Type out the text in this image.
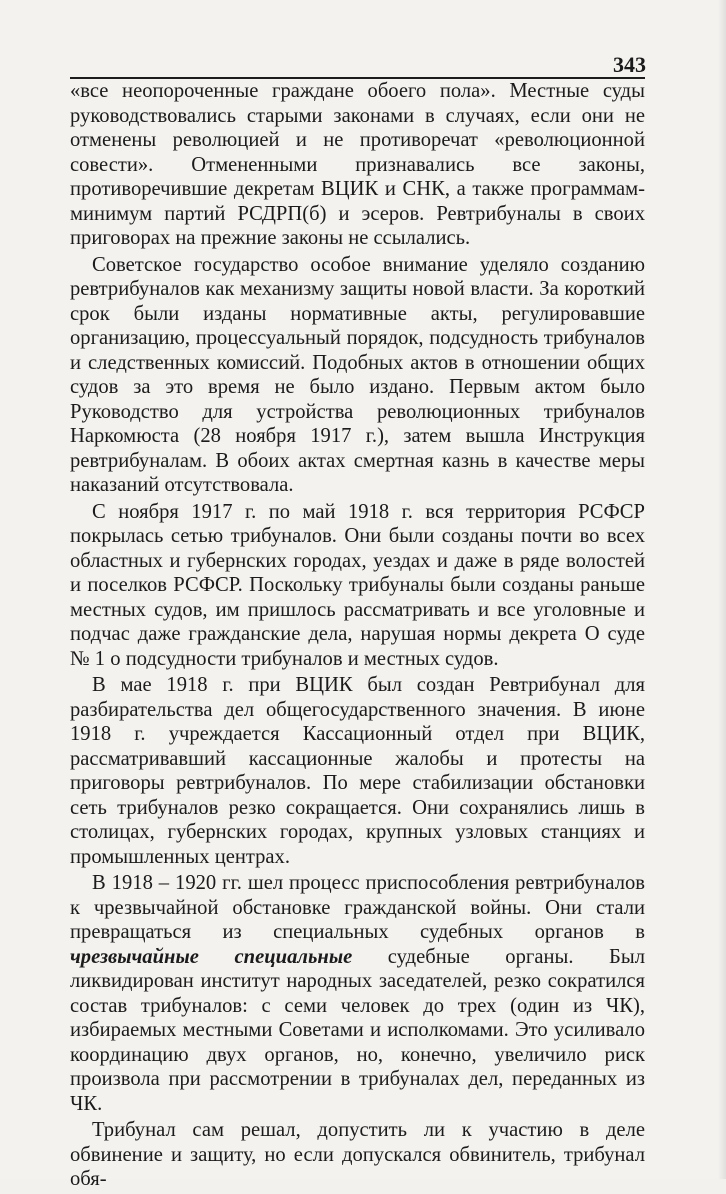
343

«все неопороченные граждане обоего пола». Местные суды руководствовались старыми законами в случаях, если они не отменены революцией и не противоречат «революционной совести». Отмененными признавались все законы, противоречившие декретам ВЦИК и СНК, а также программам-минимум партий РСДРП(б) и эсеров. Ревтрибуналы в своих приговорах на прежние законы не ссылались.

Советское государство особое внимание уделяло созданию ревтрибуналов как механизму защиты новой власти. За короткий срок были изданы нормативные акты, регулировавшие организацию, процессуальный порядок, подсудность трибуналов и следственных комиссий. Подобных актов в отношении общих судов за это время не было издано. Первым актом было Руководство для устройства революционных трибуналов Наркомюста (28 ноября 1917 г.), затем вышла Инструкция ревтрибуналам. В обоих актах смертная казнь в качестве меры наказаний отсутствовала.

С ноября 1917 г. по май 1918 г. вся территория РСФСР покрылась сетью трибуналов. Они были созданы почти во всех областных и губернских городах, уездах и даже в ряде волостей и поселков РСФСР. Поскольку трибуналы были созданы раньше местных судов, им пришлось рассматривать и все уголовные и подчас даже гражданские дела, нарушая нормы декрета О суде № 1 о подсудности трибуналов и местных судов.

В мае 1918 г. при ВЦИК был создан Ревтрибунал для разбирательства дел общегосударственного значения. В июне 1918 г. учреждается Кассационный отдел при ВЦИК, рассматривавший кассационные жалобы и протесты на приговоры ревтрибуналов. По мере стабилизации обстановки сеть трибуналов резко сокращается. Они сохранялись лишь в столицах, губернских городах, крупных узловых станциях и промышленных центрах.

В 1918 – 1920 гг. шел процесс приспособления ревтрибуналов к чрезвычайной обстановке гражданской войны. Они стали превращаться из специальных судебных органов в чрезвычайные специальные судебные органы. Был ликвидирован институт народных заседателей, резко сократился состав трибуналов: с семи человек до трех (один из ЧК), избираемых местными Советами и исполкомами. Это усиливало координацию двух органов, но, конечно, увеличило риск произвола при рассмотрении в трибуналах дел, переданных из ЧК.

Трибунал сам решал, допустить ли к участию в деле обвинение и защиту, но если допускался обвинитель, трибунал обя-
